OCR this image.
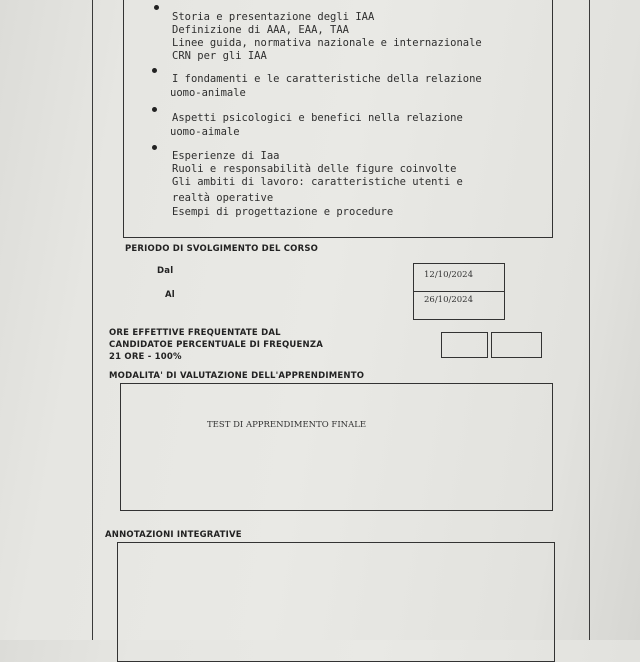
Storia e presentazione degli IAA
Definizione di AAA, EAA, TAA
Linee guida, normativa nazionale e internazionale
CRN per gli IAA
I fondamenti e le caratteristiche della relazione
uomo-animale
Aspetti psicologici e benefici nella relazione
uomo-aimale
Esperienze di Iaa
Ruoli e responsabilità delle figure coinvolte
Gli ambiti di lavoro: caratteristiche utenti e
realtà operative
Esempi di progettazione e procedure
PERIODO DI SVOLGIMENTO DEL CORSO
Dal
Al
12/10/2024
26/10/2024
ORE EFFETTIVE FREQUENTATE DAL
CANDIDATOE PERCENTUALE DI FREQUENZA
21 ORE - 100%
MODALITA' DI VALUTAZIONE DELL'APPRENDIMENTO
TEST DI APPRENDIMENTO FINALE
ANNOTAZIONI INTEGRATIVE
